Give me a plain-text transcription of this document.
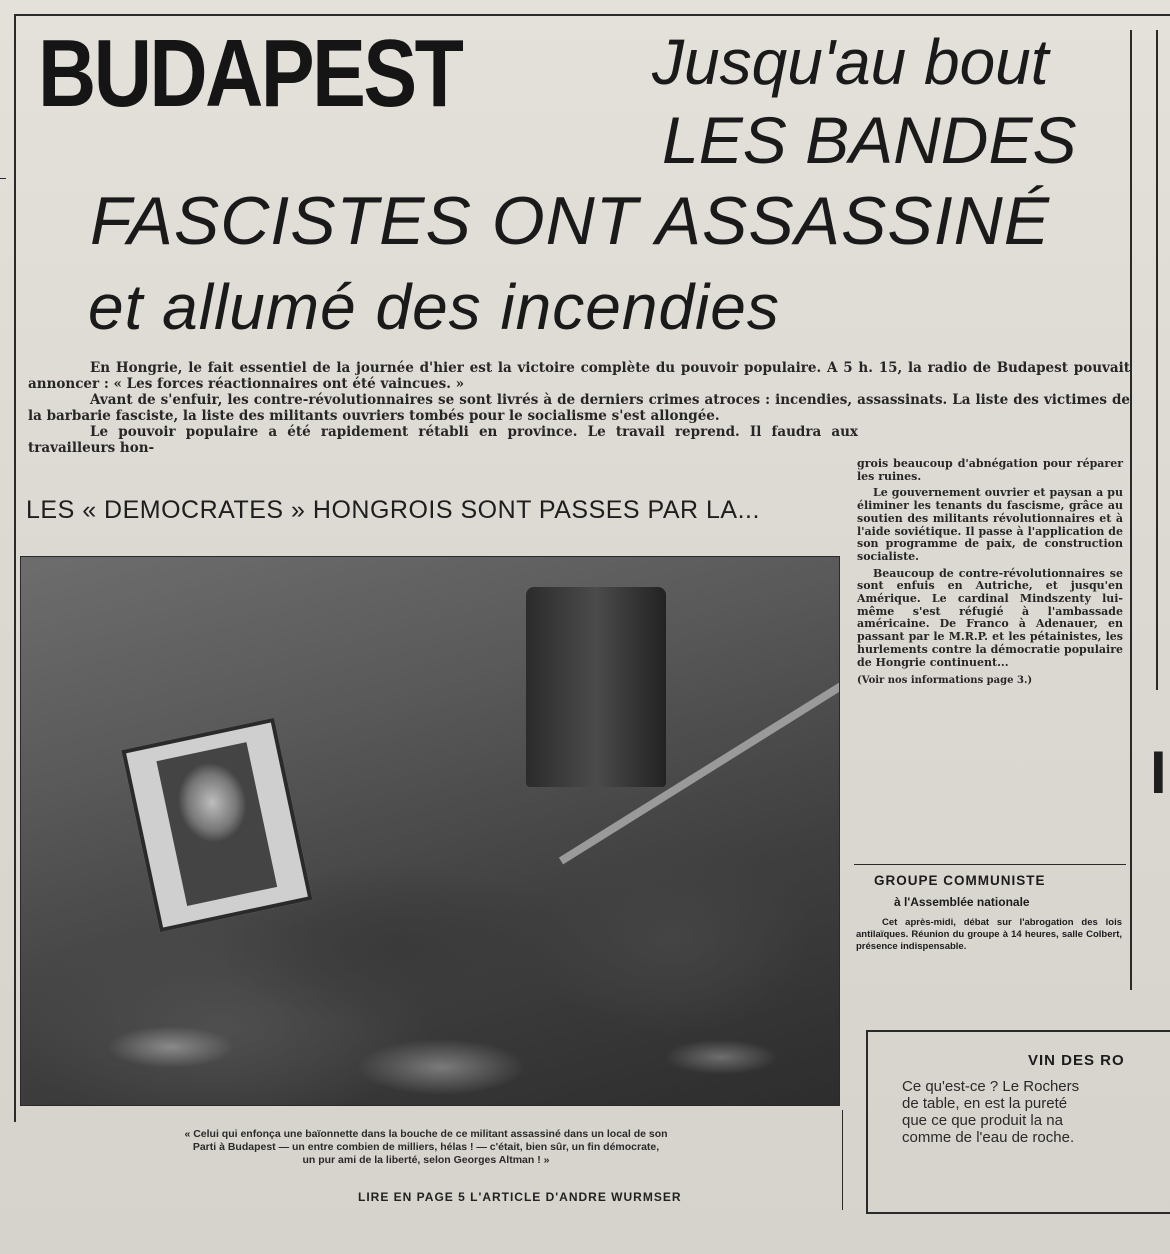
BUDAPEST	Jusqu'au bout
LES BANDES
FASCISTES ONT ASSASSINÉ
et allumé des incendies

En Hongrie, le fait essentiel de la journée d'hier est la victoire complète du pouvoir populaire. A 5 h. 15, la radio de Budapest pouvait annoncer : « Les forces réactionnaires ont été vaincues. »

Avant de s'enfuir, les contre-révolutionnaires se sont livrés à de derniers crimes atroces : incendies, assassinats. La liste des victimes de la barbarie fasciste, la liste des militants ouvriers tombés pour le socialisme s'est allongée.

Le pouvoir populaire a été rapidement rétabli en province. Le travail reprend. Il faudra aux travailleurs hon-

LES « DEMOCRATES » HONGROIS SONT PASSES PAR LA...
« Celui qui enfonça une baïonnette dans la bouche de ce militant assassiné dans un local de son
Parti à Budapest — un entre combien de milliers, hélas ! — c'était, bien sûr, un fin démocrate,
un pur ami de la liberté, selon Georges Altman ! »
LIRE EN PAGE 5 L'ARTICLE D'ANDRE WURMSER

grois beaucoup d'abnégation pour réparer les ruines.

Le gouvernement ouvrier et paysan a pu éliminer les tenants du fascisme, grâce au soutien des militants révolutionnaires et à l'aide soviétique. Il passe à l'application de son programme de paix, de construction socialiste.

Beaucoup de contre-révolutionnaires se sont enfuis en Autriche, et jusqu'en Amérique. Le cardinal Mindszenty lui-même s'est réfugié à l'ambassade américaine. De Franco à Adenauer, en passant par le M.R.P. et les pétainistes, les hurlements contre la démocratie populaire de Hongrie continuent...

(Voir nos informations page 3.)

GROUPE COMMUNISTE
à l'Assemblée nationale
Cet après-midi, débat sur l'abrogation des lois antilaïques. Réunion du groupe à 14 heures, salle Colbert, présence indispensable.
VIN DES RO
Ce qu'est-ce ? Le Rochers
de table, en est la pureté
que ce que produit la na
comme de l'eau de roche.
I
